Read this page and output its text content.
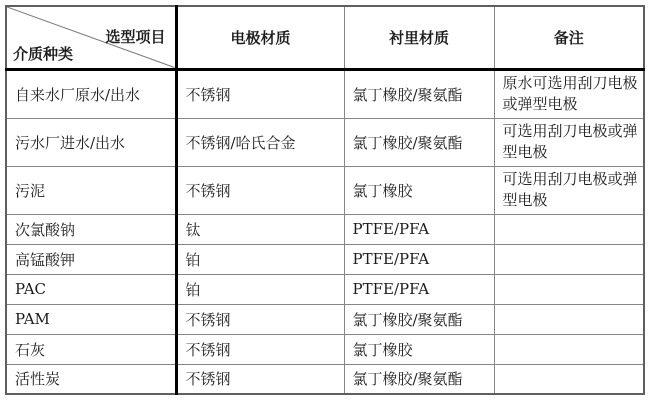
选型项目
介质种类	电极材质	衬里材质	备注
自来水厂原水/出水	不锈钢	氯丁橡胶/聚氨酯	原水可选用刮刀电极或弹型电极
污水厂进水/出水	不锈钢/哈氏合金	氯丁橡胶/聚氨酯	可选用刮刀电极或弹型电极
污泥	不锈钢	氯丁橡胶	可选用刮刀电极或弹型电极
次氯酸钠	钛	PTFE/PFA	
高锰酸钾	铂	PTFE/PFA	
PAC	铂	PTFE/PFA	
PAM	不锈钢	氯丁橡胶/聚氨酯	
石灰	不锈钢	氯丁橡胶	
活性炭	不锈钢	氯丁橡胶/聚氨酯	
